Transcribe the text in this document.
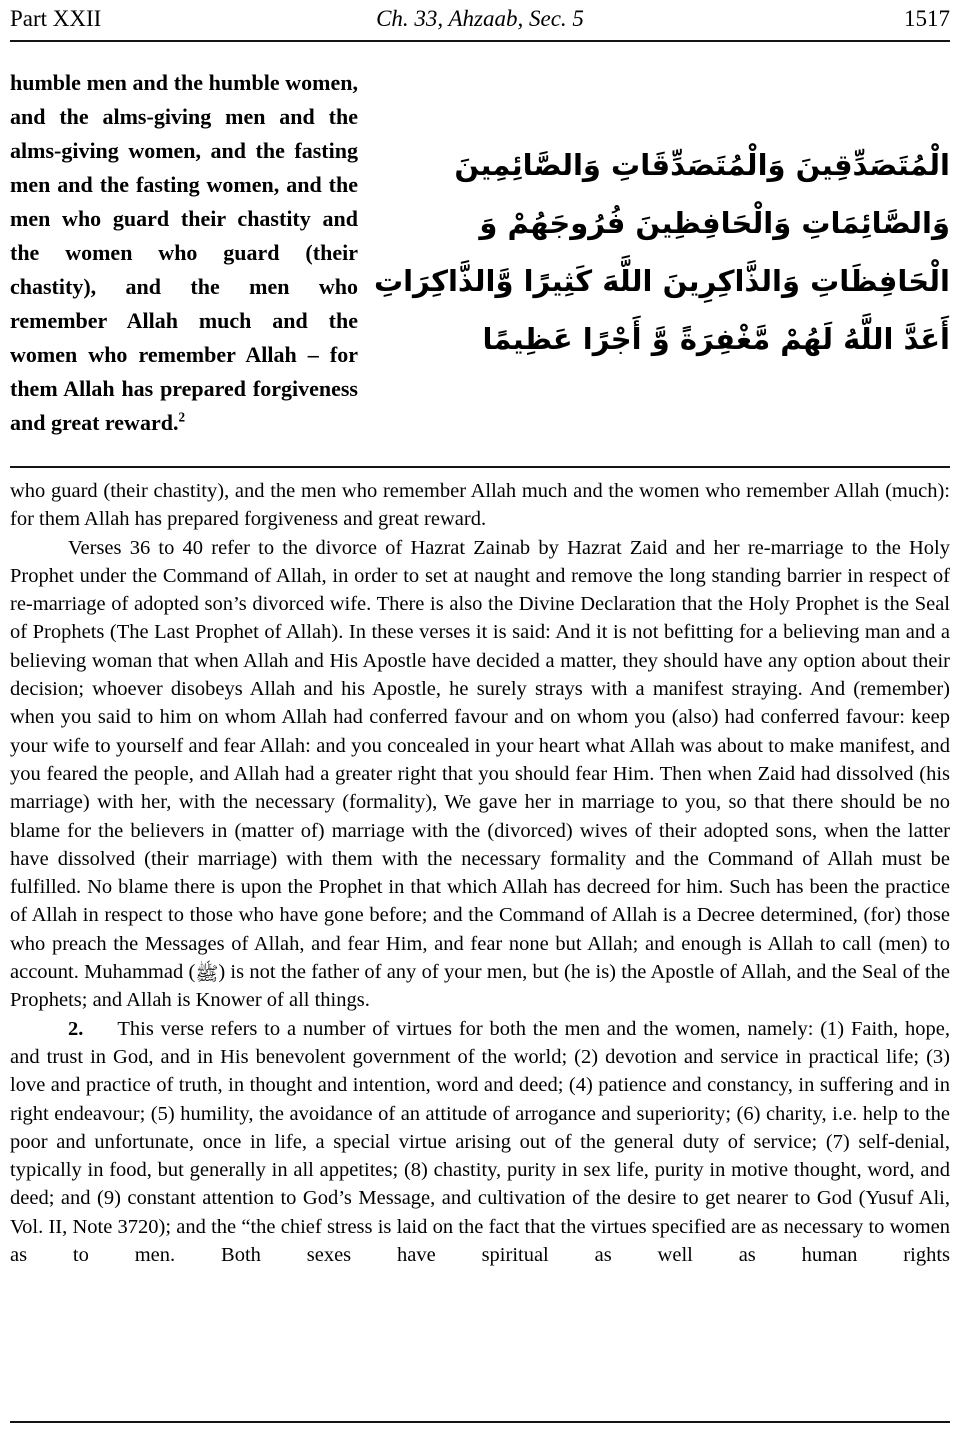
Part XXII	Ch. 33, Ahzaab, Sec. 5	1517
humble men and the humble women, and the alms-giving men and the alms-giving women, and the fasting men and the fasting women, and the men who guard their chastity and the women who guard (their chastity), and the men who remember Allah much and the women who remember Allah – for them Allah has prepared forgiveness and great reward.$^2$
الْمُتَصَدِّقِينَ وَالْمُتَصَدِّقَاتِ وَالصَّائِمِينَ
وَالصَّائِمَاتِ وَالْحَافِظِينَ فُرُوجَهُمْ وَ
الْحَافِظَاتِ وَالذَّاكِرِينَ اللَّهَ كَثِيرًا وَّالذَّاكِرَاتِ
أَعَدَّ اللَّهُ لَهُمْ مَّغْفِرَةً وَّ أَجْرًا عَظِيمًا

who guard (their chastity), and the men who remember Allah much and the women who remember Allah (much): for them Allah has prepared forgiveness and great reward.

Verses 36 to 40 refer to the divorce of Hazrat Zainab by Hazrat Zaid and her re-marriage to the Holy Prophet under the Command of Allah, in order to set at naught and remove the long standing barrier in respect of re-marriage of adopted son’s divorced wife. There is also the Divine Declaration that the Holy Prophet is the Seal of Prophets (The Last Prophet of Allah). In these verses it is said: And it is not befitting for a believing man and a believing woman that when Allah and His Apostle have decided a matter, they should have any option about their decision; whoever disobeys Allah and his Apostle, he surely strays with a manifest straying. And (remember) when you said to him on whom Allah had conferred favour and on whom you (also) had conferred favour: keep your wife to yourself and fear Allah: and you concealed in your heart what Allah was about to make manifest, and you feared the people, and Allah had a greater right that you should fear Him. Then when Zaid had dissolved (his marriage) with her, with the necessary (formality), We gave her in marriage to you, so that there should be no blame for the believers in (matter of) marriage with the (divorced) wives of their adopted sons, when the latter have dissolved (their marriage) with them with the necessary formality and the Command of Allah must be fulfilled. No blame there is upon the Prophet in that which Allah has decreed for him. Such has been the practice of Allah in respect to those who have gone before; and the Command of Allah is a Decree determined, (for) those who preach the Messages of Allah, and fear Him, and fear none but Allah; and enough is Allah to call (men) to account. Muhammad (ﷺ) is not the father of any of your men, but (he is) the Apostle of Allah, and the Seal of the Prophets; and Allah is Knower of all things.

2. This verse refers to a number of virtues for both the men and the women, namely: (1) Faith, hope, and trust in God, and in His benevolent government of the world; (2) devotion and service in practical life; (3) love and practice of truth, in thought and intention, word and deed; (4) patience and constancy, in suffering and in right endeavour; (5) humility, the avoidance of an attitude of arrogance and superiority; (6) charity, i.e. help to the poor and unfortunate, once in life, a special virtue arising out of the general duty of service; (7) self-denial, typically in food, but generally in all appetites; (8) chastity, purity in sex life, purity in motive thought, word, and deed; and (9) constant attention to God’s Message, and cultivation of the desire to get nearer to God (Yusuf Ali, Vol. II, Note 3720); and the “the chief stress is laid on the fact that the virtues specified are as necessary to women as to men. Both sexes have spiritual as well as human rights
